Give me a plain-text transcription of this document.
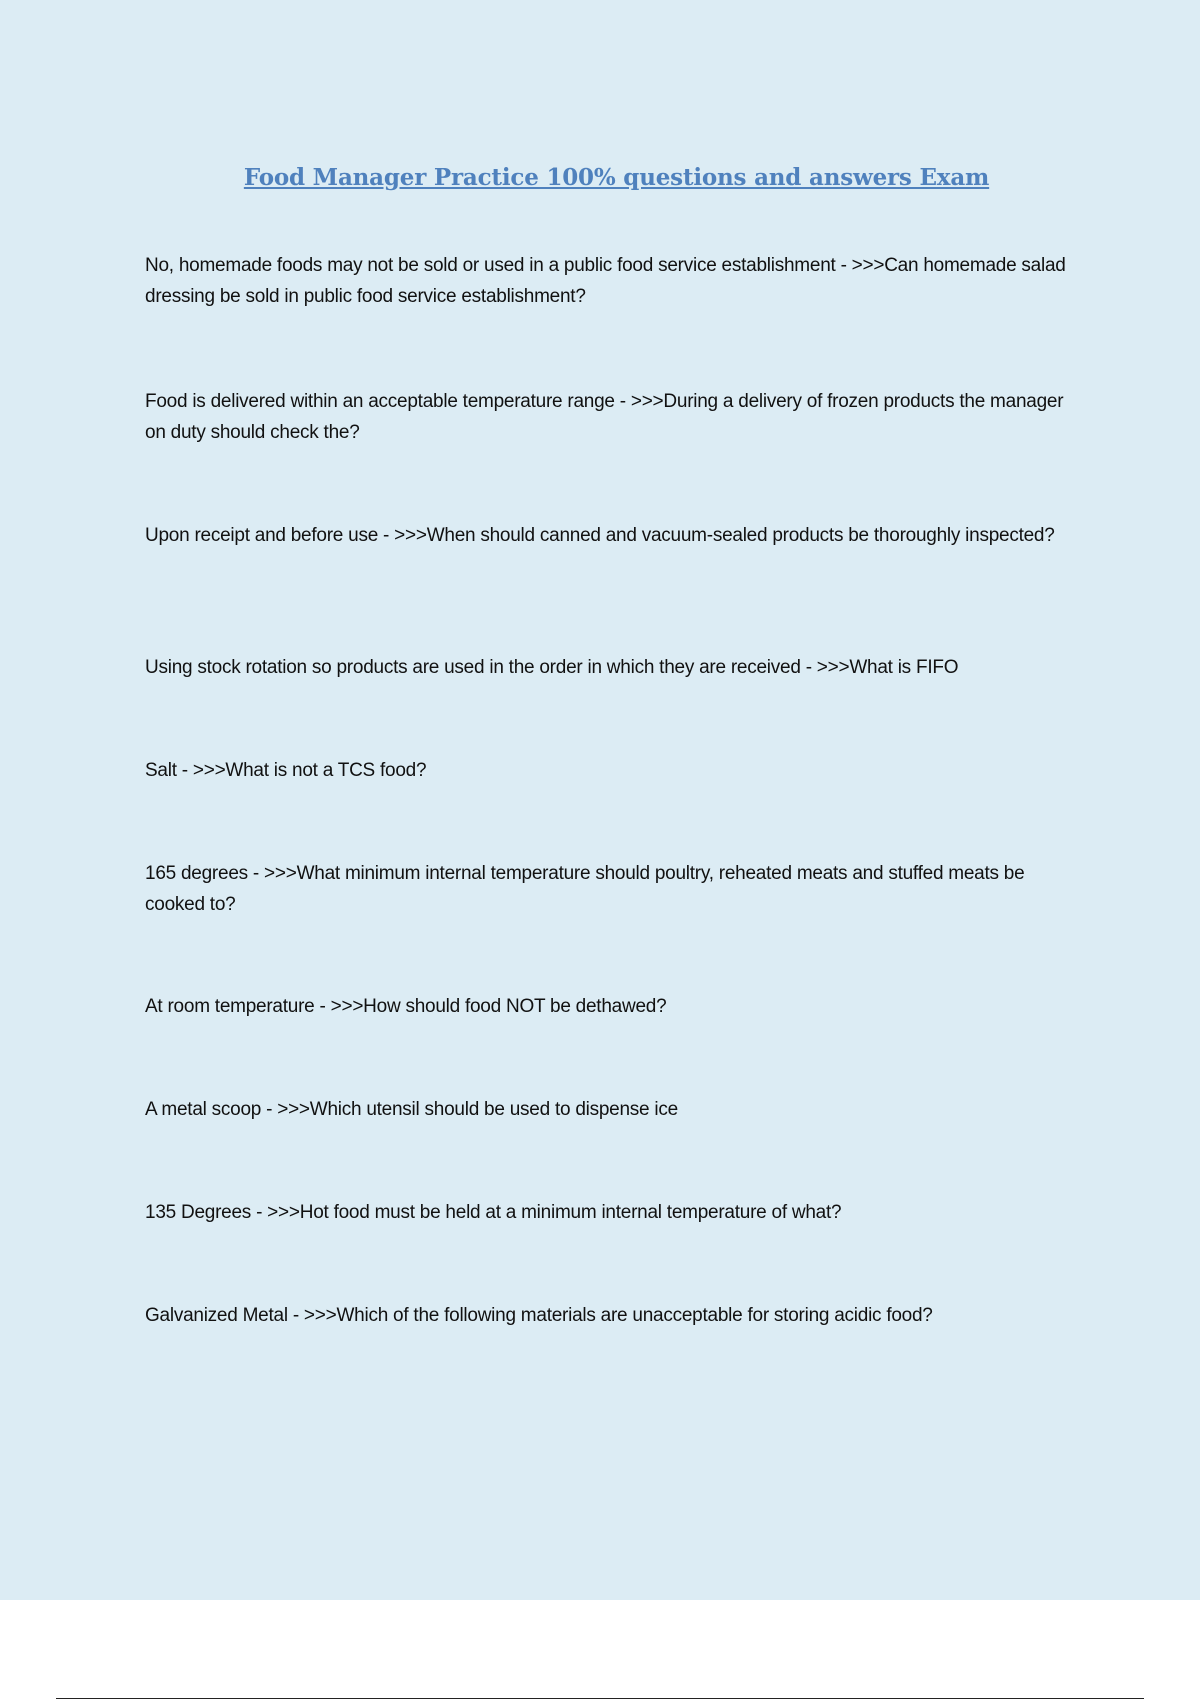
Food Manager Practice 100% questions and answers Exam
No, homemade foods may not be sold or used in a public food service establishment - >>>Can homemade salad dressing be sold in public food service establishment?
Food is delivered within an acceptable temperature range - >>>During a delivery of frozen products the manager on duty should check the?
Upon receipt and before use - >>>When should canned and vacuum-sealed products be thoroughly inspected?
Using stock rotation so products are used in the order in which they are received - >>>What is FIFO
Salt - >>>What is not a TCS food?
165 degrees - >>>What minimum internal temperature should poultry, reheated meats and stuffed meats be cooked to?
At room temperature - >>>How should food NOT be dethawed?
A metal scoop - >>>Which utensil should be used to dispense ice
135 Degrees - >>>Hot food must be held at a minimum internal temperature of what?
Galvanized Metal - >>>Which of the following materials are unacceptable for storing acidic food?
